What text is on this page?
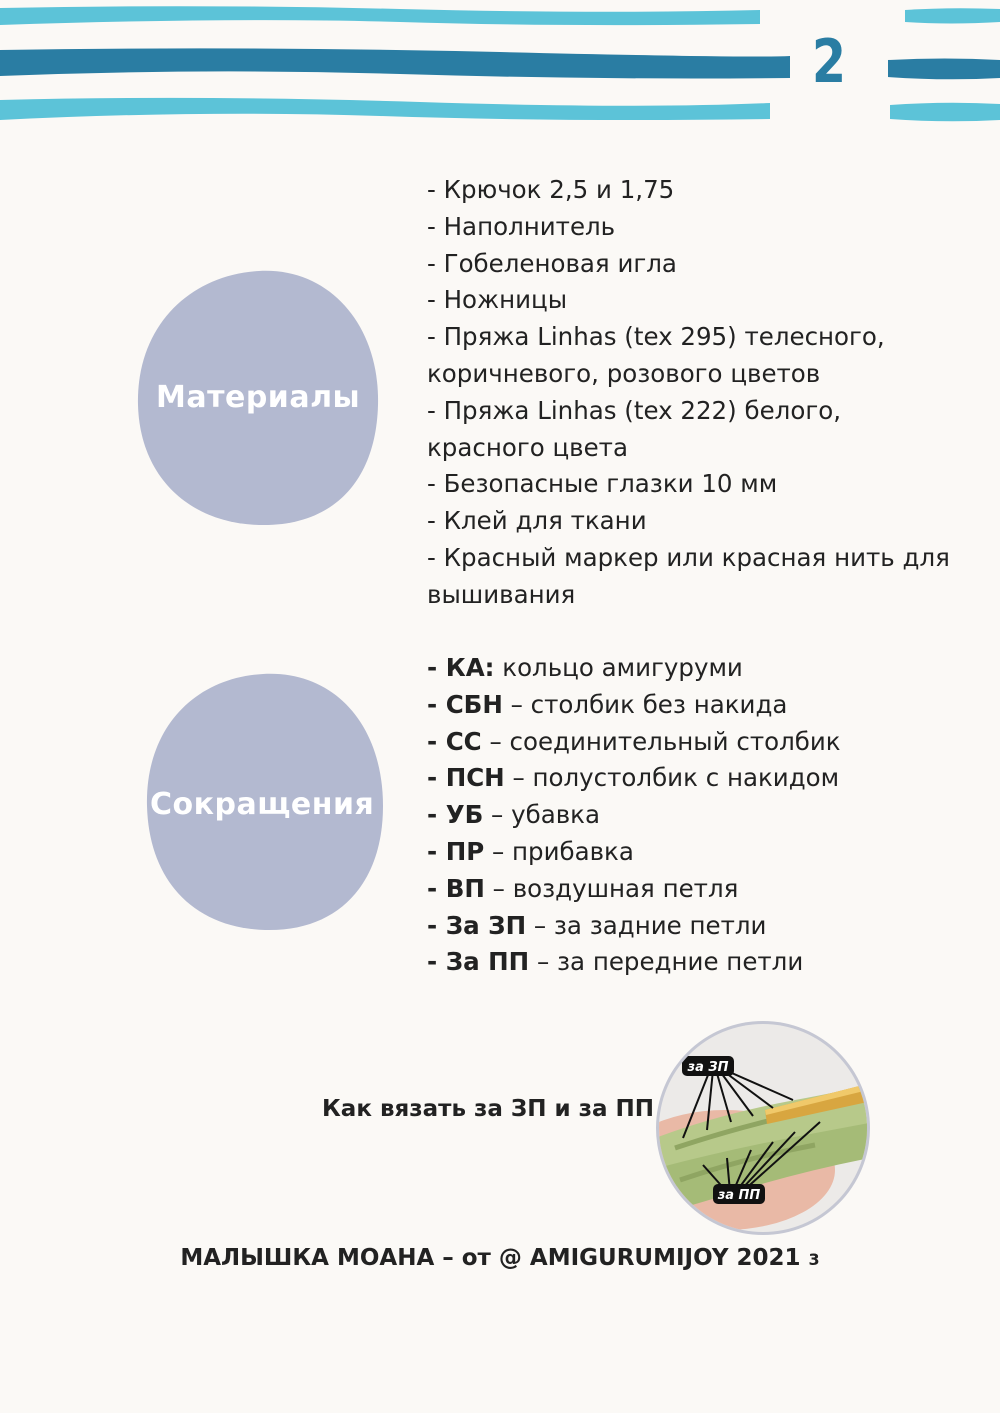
2
Материалы
- Крючок 2,5 и 1,75
- Наполнитель
- Гобеленовая игла
- Ножницы
- Пряжа Linhas (tex 295) телесного,
коричневого, розового цветов
- Пряжа Linhas (tex 222) белого,
красного цвета
- Безопасные глазки 10 мм
- Клей для ткани
- Красный маркер или красная нить для
вышивания
Сокращения
- КА: кольцо амигуруми
- СБН – столбик без накида
- СС – соединительный столбик
- ПСН – полустолбик с накидом
- УБ – убавка
- ПР – прибавка
- ВП – воздушная петля
- За ЗП – за задние петли
- За ПП – за передние петли
Как вязать за ЗП и за ПП
за ЗП
за ПП
МАЛЫШКА МОАНА – от @ AMIGURUMIJOY 2021 3
